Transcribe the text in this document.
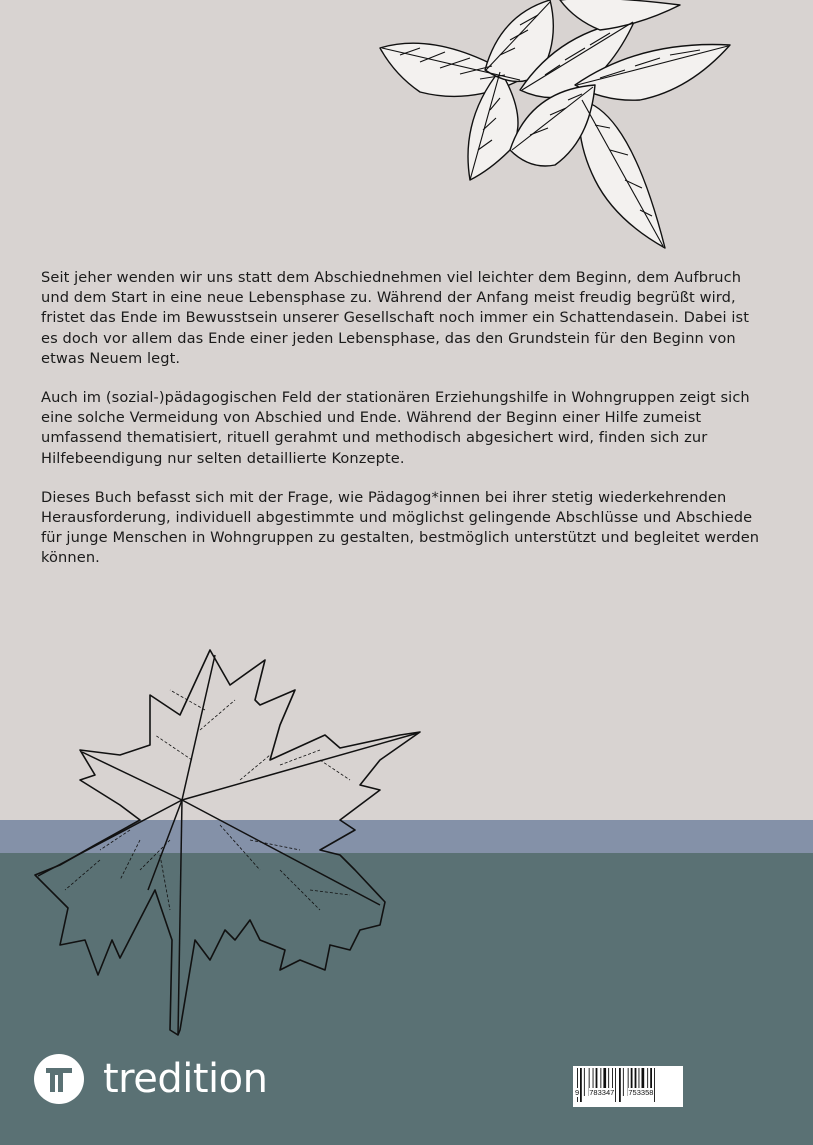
Seit jeher wenden wir uns statt dem Abschiednehmen viel leichter dem Beginn, dem Aufbruch und dem Start in eine neue Lebensphase zu. Während der Anfang meist freudig begrüßt wird, fristet das Ende im Bewusstsein unserer Gesellschaft noch immer ein Schattendasein. Dabei ist es doch vor allem das Ende einer jeden Lebensphase, das den Grundstein für den Beginn von etwas Neuem legt.

Auch im (sozial-)pädagogischen Feld der stationären Erziehungshilfe in Wohngruppen zeigt sich eine solche Vermeidung von Abschied und Ende. Während der Beginn einer Hilfe zumeist umfassend thematisiert, rituell gerahmt und methodisch abgesichert wird, finden sich zur Hilfebeendigung nur selten detaillierte Konzepte.

Dieses Buch befasst sich mit der Frage, wie Pädagog*innen bei ihrer stetig wiederkehrenden Herausforderung, individuell abgestimmte und möglichst gelingende Abschlüsse und Abschiede für junge Menschen in Wohngruppen zu gestalten, bestmöglich unterstützt und begleitet werden können.

tredition	9 783347 753358
